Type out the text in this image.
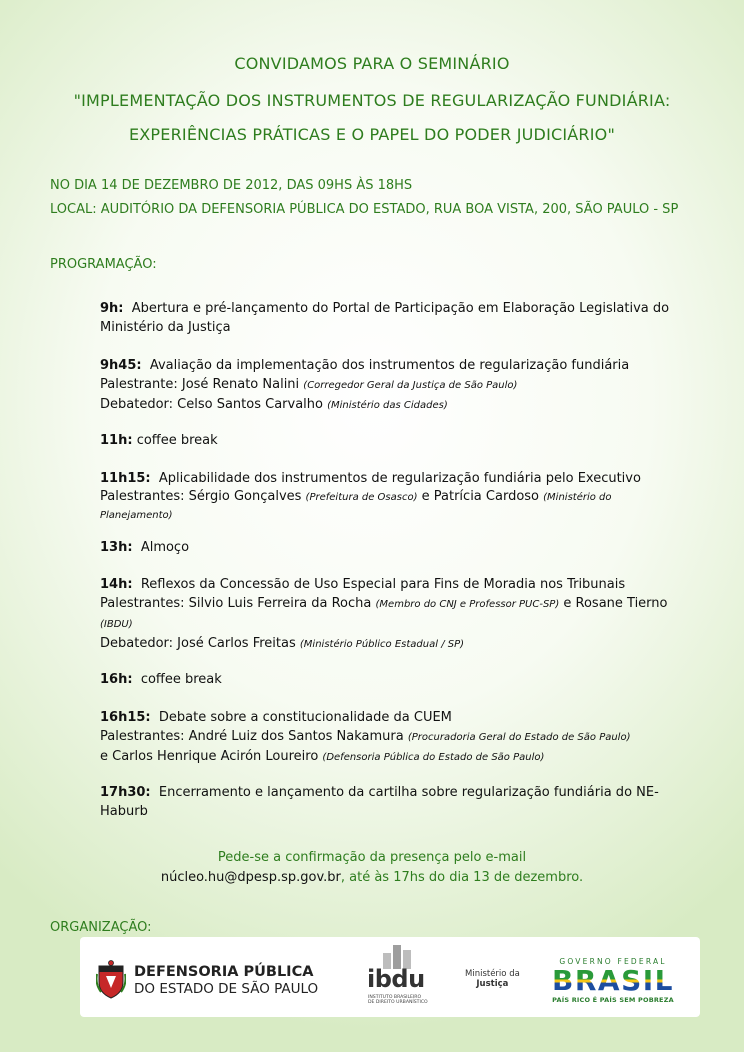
CONVIDAMOS PARA O SEMINÁRIO
"IMPLEMENTAÇÃO DOS INSTRUMENTOS DE REGULARIZAÇÃO FUNDIÁRIA:
EXPERIÊNCIAS PRÁTICAS E O PAPEL DO PODER JUDICIÁRIO"
NO DIA 14 DE DEZEMBRO DE 2012, DAS 09HS ÀS 18HS
LOCAL: AUDITÓRIO DA DEFENSORIA PÚBLICA DO ESTADO, RUA BOA VISTA, 200, SÃO PAULO - SP
PROGRAMAÇÃO:

9h: Abertura e pré-lançamento do Portal de Participação em Elaboração Legislativa do Ministério da Justiça

9h45: Avaliação da implementação dos instrumentos de regularização fundiária

Palestrante: José Renato Nalini (Corregedor Geral da Justiça de São Paulo)

Debatedor: Celso Santos Carvalho (Ministério das Cidades)

11h: coffee break

11h15: Aplicabilidade dos instrumentos de regularização fundiária pelo Executivo

Palestrantes: Sérgio Gonçalves (Prefeitura de Osasco) e Patrícia Cardoso (Ministério do Planejamento)

13h: Almoço

14h: Reflexos da Concessão de Uso Especial para Fins de Moradia nos Tribunais

Palestrantes: Silvio Luis Ferreira da Rocha (Membro do CNJ e Professor PUC-SP) e Rosane Tierno (IBDU)

Debatedor: José Carlos Freitas (Ministério Público Estadual / SP)

16h: coffee break

16h15: Debate sobre a constitucionalidade da CUEM

Palestrantes: André Luiz dos Santos Nakamura (Procuradoria Geral do Estado de São Paulo)

e Carlos Henrique Acirón Loureiro (Defensoria Pública do Estado de São Paulo)

17h30: Encerramento e lançamento da cartilha sobre regularização fundiária do NE-Haburb

Pede-se a confirmação da presença pelo e-mail
núcleo.hu@dpesp.sp.gov.br, até às 17hs do dia 13 de dezembro.
ORGANIZAÇÃO:
DEFENSORIA PÚBLICA
DO ESTADO DE SÃO PAULO ibdu
INSTITUTO BRASILEIRO DE DIREITO URBANÍSTICO
Ministério da
Justiça
GOVERNO FEDERAL
BRASIL
PAÍS RICO É PAÍS SEM POBREZA
